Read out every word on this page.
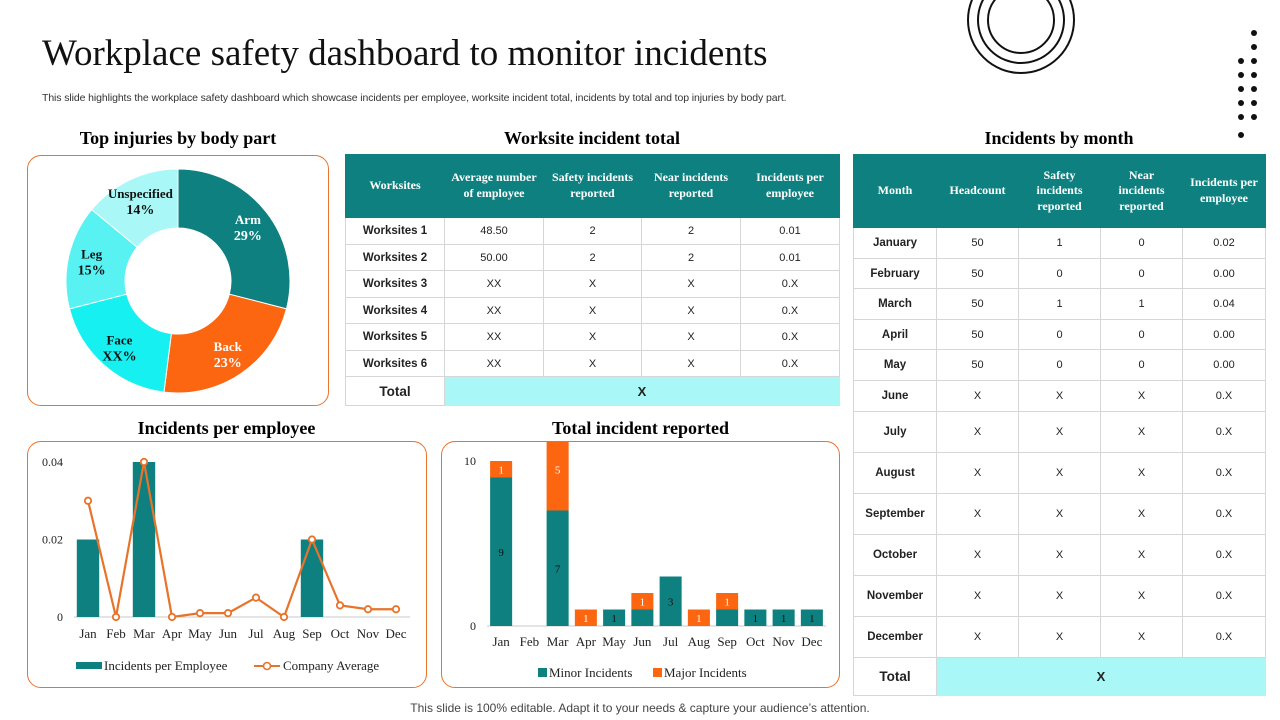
Workplace safety dashboard to monitor incidents
This slide highlights the workplace safety dashboard which showcase incidents per employee, worksite incident total, incidents by total and top injuries by body part.
Top injuries by body part
Arm
29%
Back
23%
Face
XX%
Leg
15%
Unspecified
14%
Worksite incident total
Worksites	Average number of employee	Safety incidents reported	Near incidents reported	Incidents per employee
Worksites 1	48.50	2	2	0.01
Worksites 2	50.00	2	2	0.01
Worksites 3	XX	X	X	0.X
Worksites 4	XX	X	X	0.X
Worksites 5	XX	X	X	0.X
Worksites 6	XX	X	X	0.X
Total	X			
Incidents by month
Month	Headcount	Safety incidents reported	Near incidents reported	Incidents per employee
January	50	1	0	0.02
February	50	0	0	0.00
March	50	1	1	0.04
April	50	0	0	0.00
May	50	0	0	0.00
June	X	X	X	0.X
July	X	X	X	0.X
August	X	X	X	0.X
September	X	X	X	0.X
October	X	X	X	0.X
November	X	X	X	0.X
December	X	X	X	0.X
Total	X			
Incidents per employee
0
0.02
0.04
Jan Feb Mar Apr May Jun Jul Aug Sep Oct Nov Dec
Incidents per Employee	Company Average
Total incident reported
0
10
9
1
Jan Feb
7
5
Mar
1
Apr
1
May
1
Jun
3
Jul
1
Aug
1
Sep
1
Oct
1
Nov
1
Dec
Minor Incidents Major Incidents
This slide is 100% editable. Adapt it to your needs & capture your audience’s attention.
